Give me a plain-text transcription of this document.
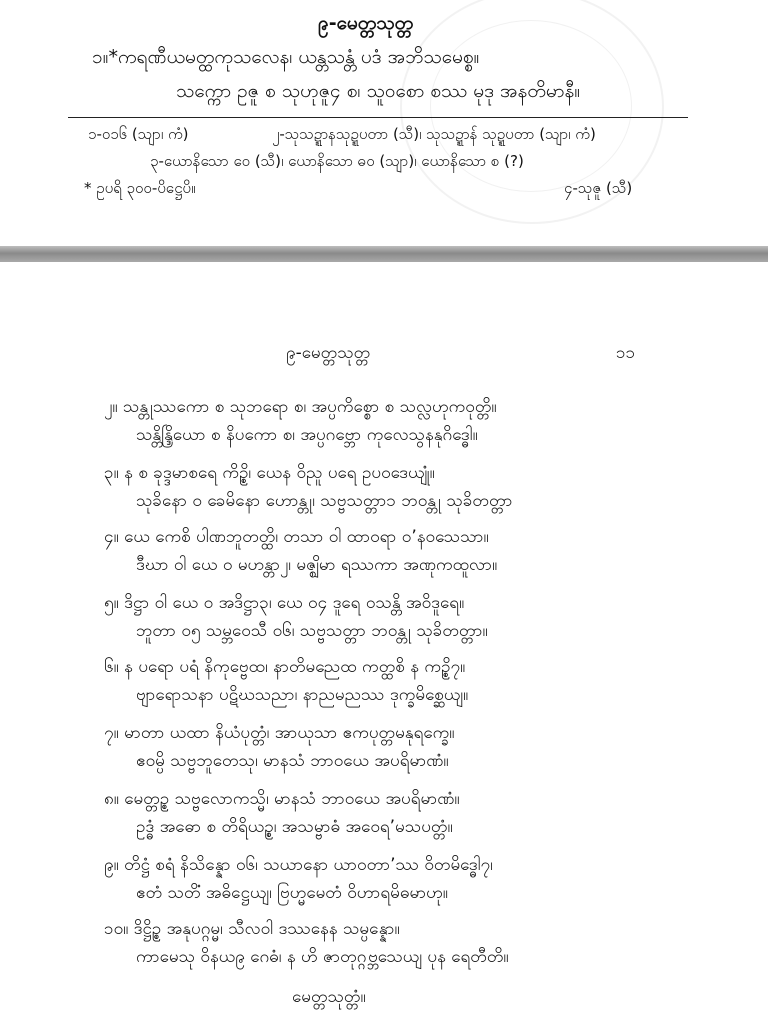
၉-မေတ္တသုတ္တ
၁။*ကရဏီယမတ္ထကုသလေန၊ ယန္တသန္တံ ပဒံ အဘိသမေစ္စ။
သက္ကော ဥဇူ စ သုဟုဇူ၄ စ၊ သူဝစော စဿ မုဒု အနတိမာနီ။
၁-၀၁၆ (သျာ၊ ကံ)	၂-သုသဍ္ဍာနသုဍ္ဍပတာ (သီ)၊ သုသဍ္ဍာန် သုဍ္ဍပတာ (သျာ၊ ကံ)
၃-ယောနိသော ဝေ (သီ)၊ ယောနိသော ဓဝ (သျာ)၊ ယောနိသော စ (?)
* ဥပရိ ၃၀၀-ပိဋ္ဌေပိ။	၄-သုဇူ (သီ)
၉-မေတ္တသုတ္တ	၁၁
၂။ သန္တုဿကော စ သုဘရော စ၊ အပ္ပကိစ္စော စ သလ္လဟုကဝုတ္တိ။
သန္တိန္ဒြိယော စ နိပကော စ၊ အပ္ပဂဗ္ဘော ကုလေသွနနုဂိဒ္ဓေါ။
၃။ န စ ခုဒ္ဒမာစရေ ကိဉ္စိ၊ ယေန ဝိညူ ပရေ ဥပဝဒေယျုံ။
သုခိနော ဝ ခေမိနော ဟောန္တု၊ သဗ္ဗသတ္တာ၁ ဘဝန္တု သုခိတတ္တာ
၄။ ယေ ကေစိ ပါဏဘူတတ္ထိ၊ တသာ ဝါ ထာဝရာ ဝ’နဝသေသာ။
ဒီဃာ ဝါ ယေ ဝ မဟန္တာ၂၊ မဇ္ဈိမာ ရဿကာ အဏုကထူလာ။
၅။ ဒိဋ္ဌာ ဝါ ယေ ဝ အဒိဋ္ဌာ၃၊ ယေ ဝ၄ ဒူရေ ဝသန္တိ အဝိဒူရေ။
ဘူတာ ဝ၅ သမ္ဘဝေသီ ဝ၆၊ သဗ္ဗသတ္တာ ဘဝန္တု သုခိတတ္တာ။
၆။ န ပရော ပရံ နိကုဗ္ဗေထ၊ နာတိမညေထ ကတ္ထစိ န ကဉ္စိ၇။
ဗျာရောသနာ ပဋိဃသညာ၊ နာညမညဿ ဒုက္ခမိစ္ဆေယျ။
၇။ မာတာ ယထာ နိယံပုတ္တံ၊ အာယုသာ ဧကပုတ္တမနုရက္ခေ။
ဧဝမ္ပိ သဗ္ဗဘူတေသု၊ မာနသံ ဘာဝယေ အပရိမာဏံ။
၈။ မေတ္တဉ္စ သဗ္ဗလောကသ္မိ၊ မာနသံ ဘာဝယေ အပရိမာဏံ။
ဥဒ္ဓံ အဓော စ တိရိယဉ္စ၊ အသမ္ဗာဓံ အဝေရ’မသပတ္တံ။
၉။ တိဋ္ဌံ စရံ နိသိန္နော ဝ၆၊ သယာနော ယာဝတာ’ဿ ဝိတမိဒ္ဓေါ၇၊
ဧတံ သတိံ အဓိဋ္ဌေယျ၊ ဗြဟ္မမေတံ ဝိဟာရမိဓမာဟု။
၁၀။ ဒိဋ္ဌိဉ္စ အနုပဂ္ဂမ္မ၊ သီလဝါ ဒဿနေန သမ္ပန္နော။
ကာမေသု ဝိနယ၉ ဂေဓံ၊ န ဟိ ဇာတုဂ္ဂဗ္ဘသေယျ ပုန ရေတီတိ။
မေတ္တသုတ္တံ။
